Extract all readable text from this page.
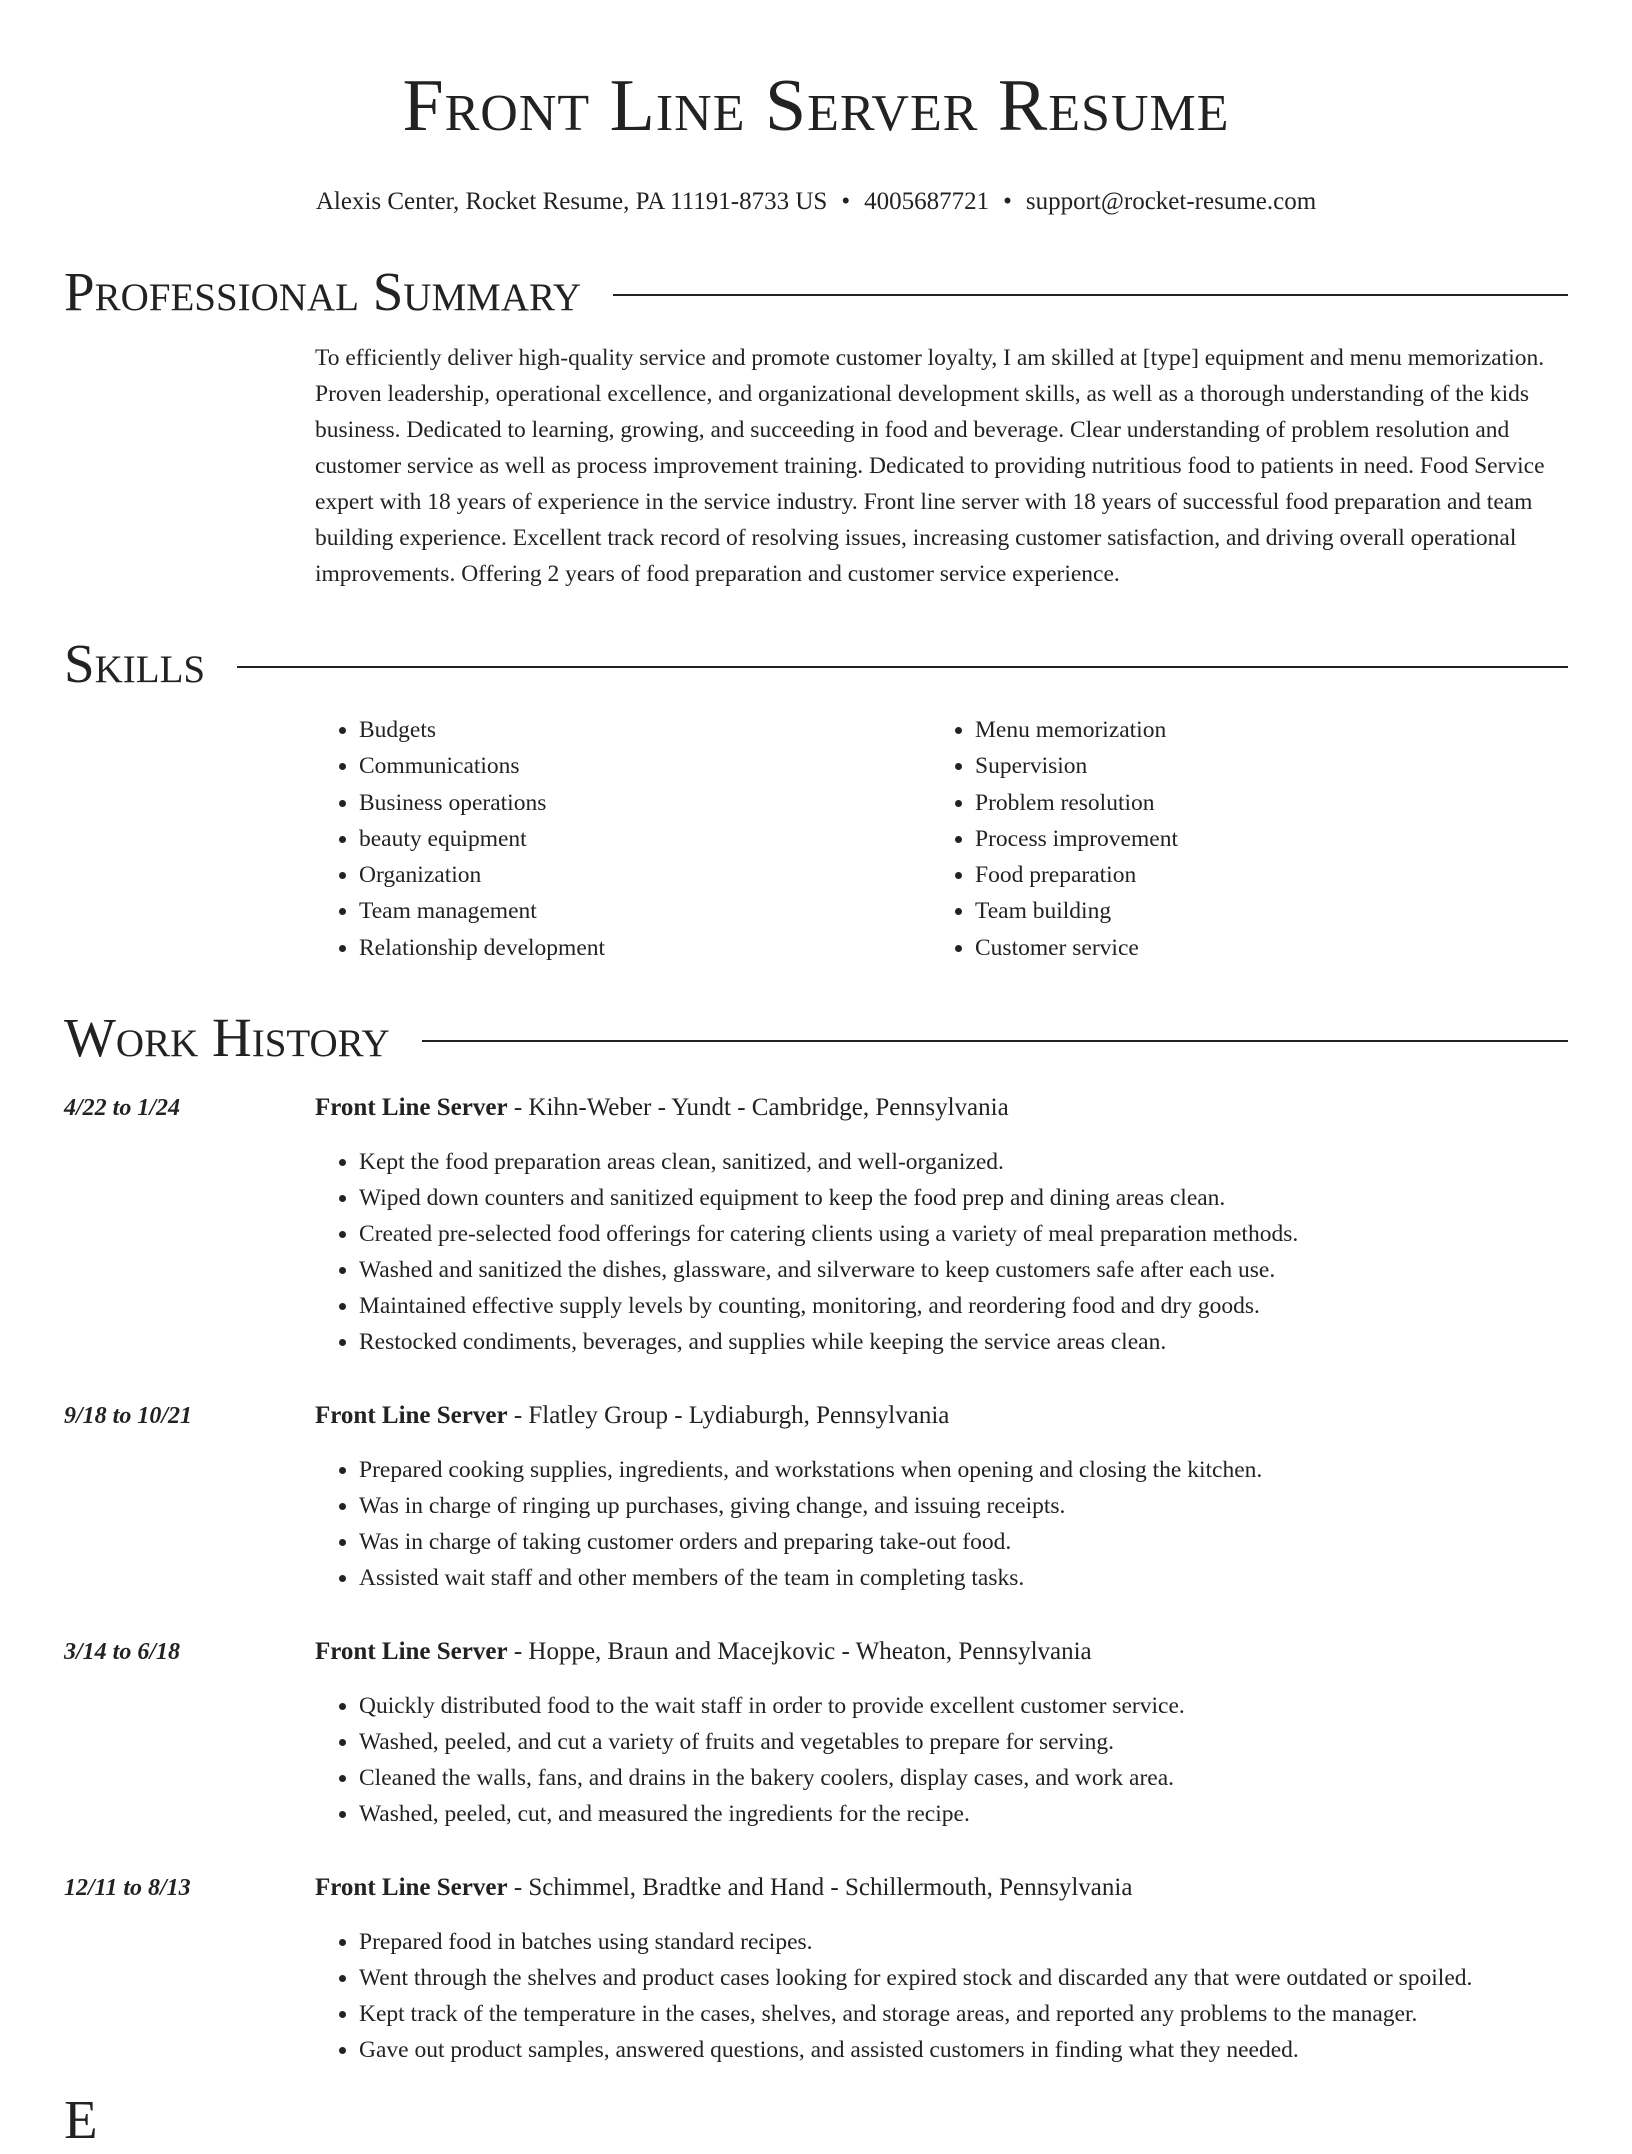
Front Line Server Resume
Alexis Center, Rocket Resume, PA 11191-8733 US • 4005687721 • support@rocket-resume.com
Professional Summary

To efficiently deliver high-quality service and promote customer loyalty, I am skilled at [type] equipment and menu memorization. Proven leadership, operational excellence, and organizational development skills, as well as a thorough understanding of the kids business. Dedicated to learning, growing, and succeeding in food and beverage. Clear understanding of problem resolution and customer service as well as process improvement training. Dedicated to providing nutritious food to patients in need. Food Service expert with 18 years of experience in the service industry. Front line server with 18 years of successful food preparation and team building experience. Excellent track record of resolving issues, increasing customer satisfaction, and driving overall operational improvements. Offering 2 years of food preparation and customer service experience.

Skills
• Budgets
• Communications
• Business operations
• beauty equipment
• Organization
• Team management
• Relationship development
• Menu memorization
• Supervision
• Problem resolution
• Process improvement
• Food preparation
• Team building
• Customer service
Work History
4/22 to 1/24	Front Line Server - Kihn-Weber - Yundt - Cambridge, Pennsylvania
• Kept the food preparation areas clean, sanitized, and well-organized.
• Wiped down counters and sanitized equipment to keep the food prep and dining areas clean.
• Created pre-selected food offerings for catering clients using a variety of meal preparation methods.
• Washed and sanitized the dishes, glassware, and silverware to keep customers safe after each use.
• Maintained effective supply levels by counting, monitoring, and reordering food and dry goods.
• Restocked condiments, beverages, and supplies while keeping the service areas clean.
9/18 to 10/21	Front Line Server - Flatley Group - Lydiaburgh, Pennsylvania
• Prepared cooking supplies, ingredients, and workstations when opening and closing the kitchen.
• Was in charge of ringing up purchases, giving change, and issuing receipts.
• Was in charge of taking customer orders and preparing take-out food.
• Assisted wait staff and other members of the team in completing tasks.
3/14 to 6/18	Front Line Server - Hoppe, Braun and Macejkovic - Wheaton, Pennsylvania
• Quickly distributed food to the wait staff in order to provide excellent customer service.
• Washed, peeled, and cut a variety of fruits and vegetables to prepare for serving.
• Cleaned the walls, fans, and drains in the bakery coolers, display cases, and work area.
• Washed, peeled, cut, and measured the ingredients for the recipe.
12/11 to 8/13	Front Line Server - Schimmel, Bradtke and Hand - Schillermouth, Pennsylvania
• Prepared food in batches using standard recipes.
• Went through the shelves and product cases looking for expired stock and discarded any that were outdated or spoiled.
• Kept track of the temperature in the cases, shelves, and storage areas, and reported any problems to the manager.
• Gave out product samples, answered questions, and assisted customers in finding what they needed.
E
